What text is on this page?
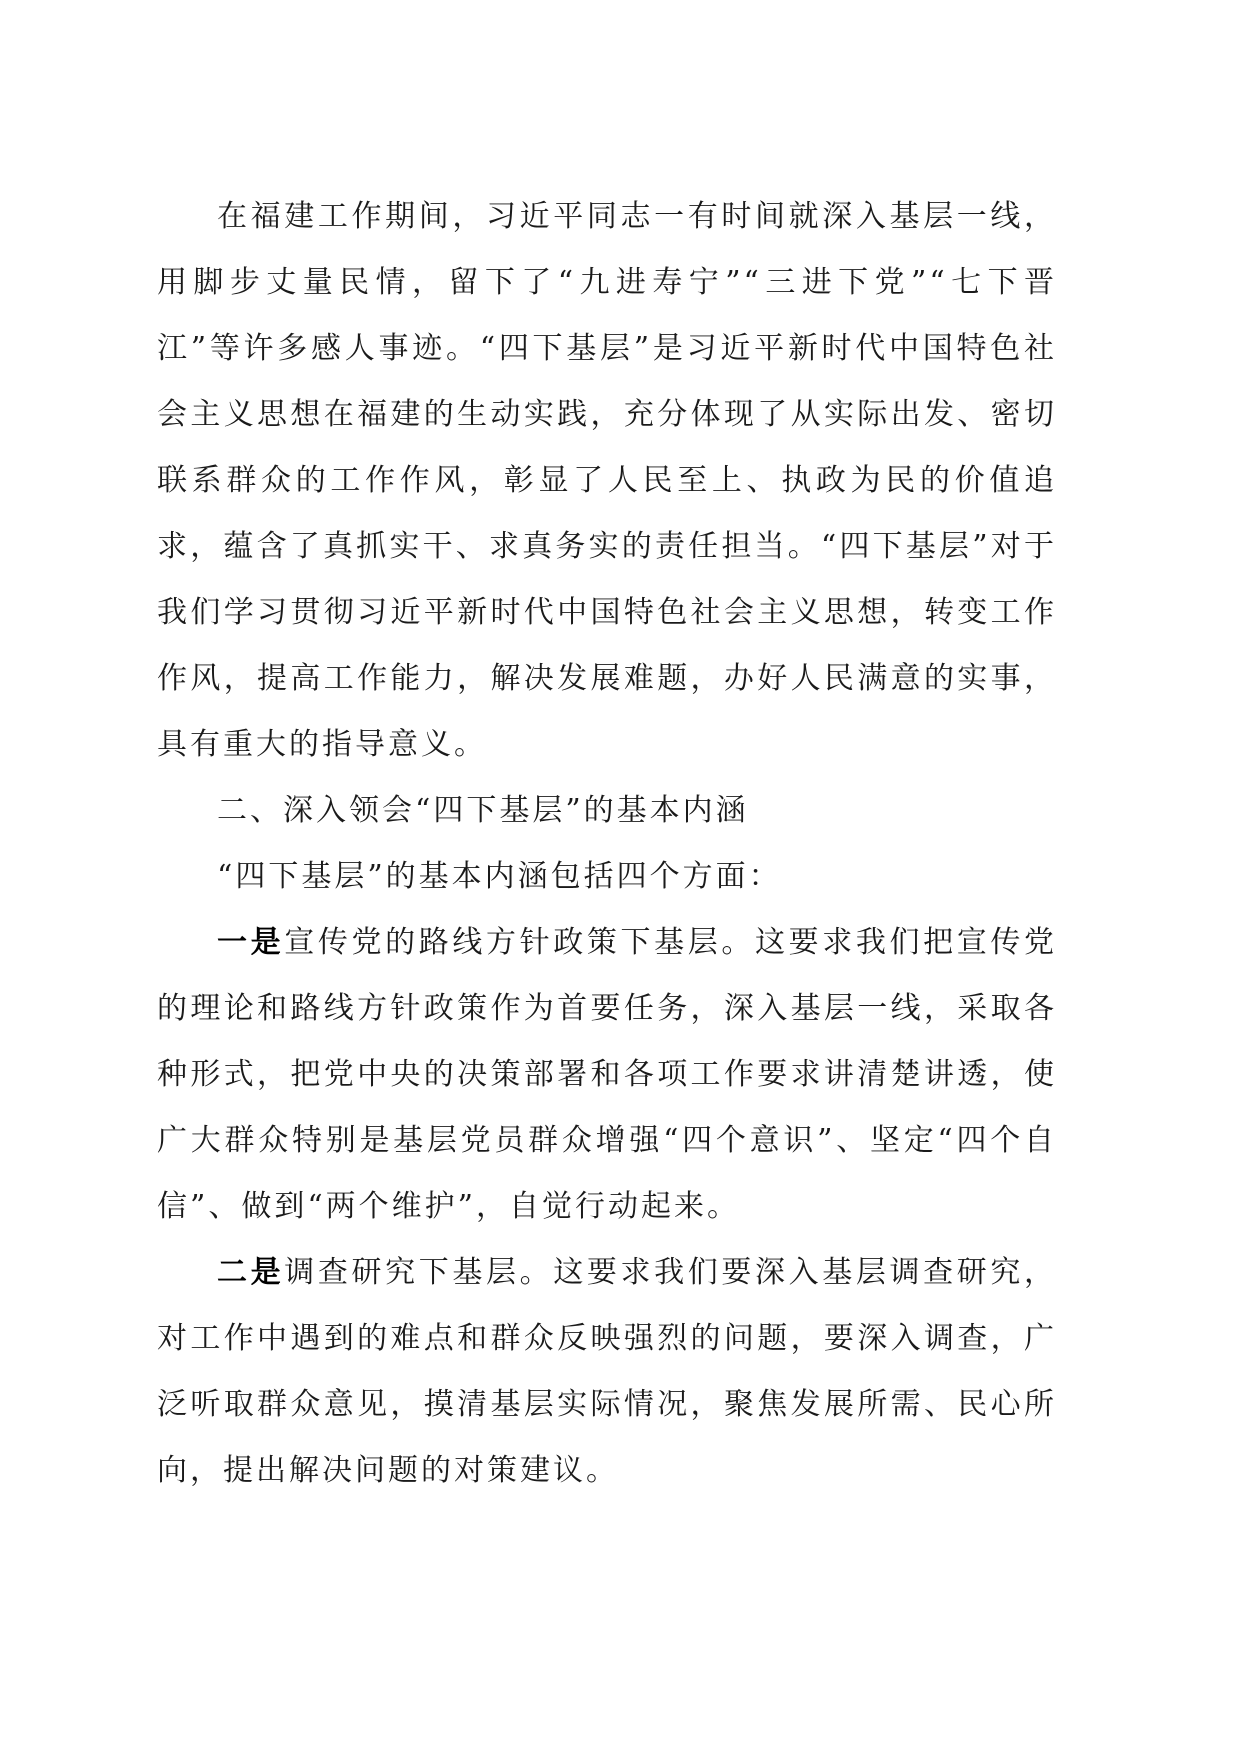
在福建工作期间，习近平同志一有时间就深入基层一线，用脚步丈量民情，留下了“九进寿宁”“三进下党”“七下晋江”等许多感人事迹。“四下基层”是习近平新时代中国特色社会主义思想在福建的生动实践，充分体现了从实际出发、密切联系群众的工作作风，彰显了人民至上、执政为民的价值追求，蕴含了真抓实干、求真务实的责任担当。“四下基层”对于我们学习贯彻习近平新时代中国特色社会主义思想，转变工作作风，提高工作能力，解决发展难题，办好人民满意的实事，具有重大的指导意义。

二、深入领会“四下基层”的基本内涵

“四下基层”的基本内涵包括四个方面：

一是宣传党的路线方针政策下基层。这要求我们把宣传党的理论和路线方针政策作为首要任务，深入基层一线，采取各种形式，把党中央的决策部署和各项工作要求讲清楚讲透，使广大群众特别是基层党员群众增强“四个意识”、坚定“四个自信”、做到“两个维护”，自觉行动起来。

二是调查研究下基层。这要求我们要深入基层调查研究，对工作中遇到的难点和群众反映强烈的问题，要深入调查，广泛听取群众意见，摸清基层实际情况，聚焦发展所需、民心所向，提出解决问题的对策建议。
